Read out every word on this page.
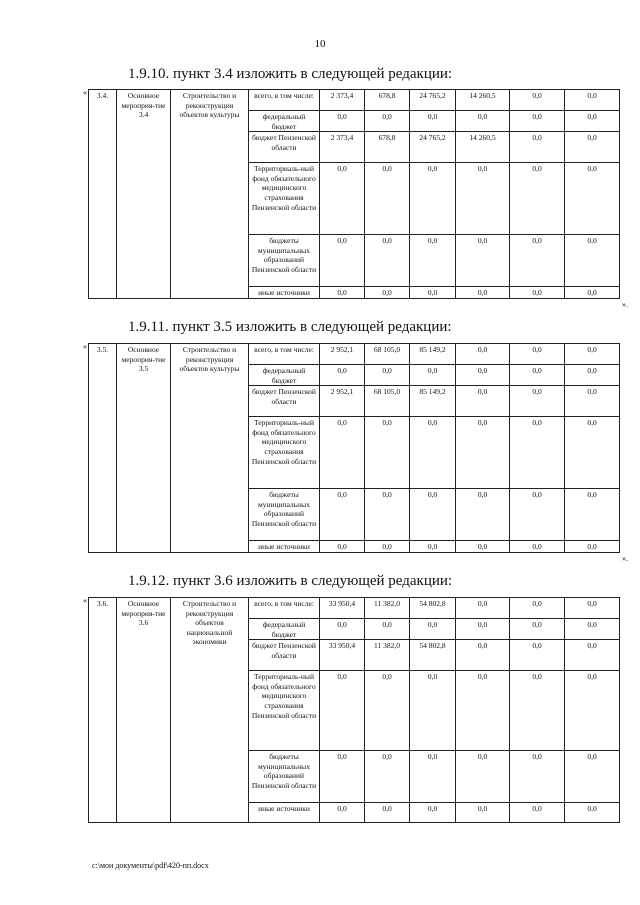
10
1.9.10. пункт 3.4 изложить в следующей редакции:
« 3.4.	Основное мероприя-тие 3.4	Строительство и реконструкция объектов культуры	всего, в том числе:	2 373,4	678,8	24 765,2	14 260,5	0,0	0,0
			федеральный бюджет	0,0	0,0	0,0	0,0	0,0	0,0
			бюджет Пензенской области	2 373,4	678,8	24 765,2	14 260,5	0,0	0,0
			Территориаль-ный фонд обязательного медицинского страхования Пензенской области	0,0	0,0	0,0	0,0	0,0	0,0
			бюджеты муниципальных образований Пензенской области	0,0	0,0	0,0	0,0	0,0	0,0
			иные источники	0,0	0,0	0,0	0,0	0,0	0,0
».
1.9.11. пункт 3.5 изложить в следующей редакции:
« 3.5.	Основное мероприя-тие 3.5	Строительство и реконструкция объектов культуры	всего, в том числе:	2 952,1	68 105,0	85 149,2	0,0	0,0	0,0
			федеральный бюджет	0,0	0,0	0,0	0,0	0,0	0,0
			бюджет Пензенской области	2 952,1	68 105,0	85 149,2	0,0	0,0	0,0
			Территориаль-ный фонд обязательного медицинского страхования Пензенской области	0,0	0,0	0,0	0,0	0,0	0,0
			бюджеты муниципальных образований Пензенской области	0,0	0,0	0,0	0,0	0,0	0,0
			иные источники	0,0	0,0	0,0	0,0	0,0	0,0
».
1.9.12. пункт 3.6 изложить в следующей редакции:
« 3.6.	Основное мероприя-тие 3.6	Строительство и реконструкция объектов национальной экономики	всего, в том числе:	33 950,4	11 382,0	54 802,8	0,0	0,0	0,0
			федеральный бюджет	0,0	0,0	0,0	0,0	0,0	0,0
			бюджет Пензенской области	33 950,4	11 382,0	54 802,8	0,0	0,0	0,0
			Территориаль-ный фонд обязательного медицинского страхования Пензенской области	0,0	0,0	0,0	0,0	0,0	0,0
			бюджеты муниципальных образований Пензенской области	0,0	0,0	0,0	0,0	0,0	0,0
			иные источники	0,0	0,0	0,0	0,0	0,0	0,0
c:\мои документы\pdf\420-пп.docx
